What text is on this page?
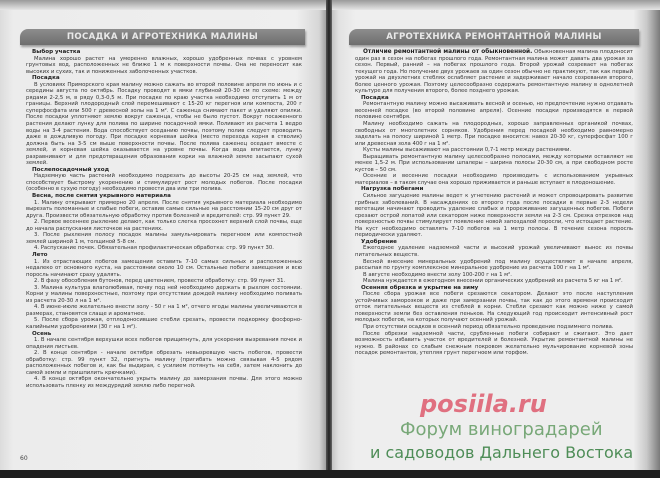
ПОСАДКА И АГРОТЕХНИКА МАЛИНЫ
Выбор участка
Малина хорошо растет на умеренно влажных, хорошо удобренных почвах с уровнем грунтовых вод, расположенных не ближе 1 м к поверхности почвы. Она не переносит как высоких и сухих, так и пониженных заболоченных участков.
Посадка
В условиях Приморского края малину можно сажать во второй половине апреля по июнь и с середины августа по октябрь. Посадку проводят в ямки глубиной 20-30 см по схеме: между рядами 2-2,5 м, в ряду 0,3-0,5 м. При посадке по краю участка необходимо отступить 1 м от границы. Верхний плодородный слой перемешивают с 15-20 кг перегноя или компоста, 200 г суперфосфата или 500 г древесной золы на 1 м². С саженца снимают пакет и удаляют опилки. После посадки уплотняют землю вокруг саженца, чтобы не было пустот. Вокруг посаженного растения делают лунку для полива по ширине посадочной ямки. Поливают из расчета 1 ведро воды на 3-4 растения. Вода способствует оседанию почвы, поэтому полив следует проводить даже в дождливую погоду. При посадке корневая шейка (место перехода корня в стволик) должна быть на 3-5 см выше поверхности почвы. После полива саженец оседает вместе с землей, и корневая шейка оказывается на уровне почвы. Когда вода впитается, лунку разравнивают и для предотвращения образования корки на влажной земле засыпают сухой землей.
Послепосадочный уход
Надземную часть растений необходимо подрезать до высоты 20-25 см над землей, что способствует быстрому укоренению и стимулирует рост молодых побегов. После посадки (особенно в сухую погоду) необходимо провести два или три полива.
Весна, после снятия укрывного материала
1. Малину открывают примерно 20 апреля. После снятия укрывного материала необходимо вырезать поломанные и слабые побеги, оставив самые сильные на расстоянии 15-20 см друг от друга. Произвести обязательную обработку против болезней и вредителей: стр. 99 пункт 29.
2. Первое весеннее рыхление делают, как только слегка просохнет верхний слой почвы, еще до начала распускания листочков на растениях.
3. После рыхления полосу посадок малины замульчировать перегноем или компостной землей шириной 1 м, толщиной 5-8 см.
4. Распускание почек. Обязательная профилактическая обработка: стр. 99 пункт 30.
Лето
1. Из отрастающих побегов замещения оставить 7-10 самых сильных и расположенных недалеко от основного куста, на расстоянии около 10 см. Остальные побеги замещения и всю поросль начинают сразу удалять.
2. В фазу обособления бутонов, перед цветением, провести обработку: стр. 99 пункт 31.
3. Малина культура влаголюбивая, почву под ней необходимо держать в рыхлом состоянии. Корни у малины поверхностные, поэтому при отсутствии дождей малину необходимо поливать из расчета 20-30 л на 1 м².
4. В июне-июле желательно внести золу - 50 г на 1 м², отчего ягоды малины увеличиваются в размерах, становятся слаще и ароматнее.
5. После сбора урожая, отплодоносившие стебли срезать, провести подкормку фосфорно-калийными удобрениями (30 г на 1 м²).
Осень
1. В начале сентября верхушки всех побегов прищипнуть, для ускорения вызревания почек и опадения листьев.
2. В конце сентября - начале октября обрезать невызревшую часть побегов, провести обработку: стр. 99 пункт 32, пригнуть малину (пригибать можно связывая 4-5 рядом расположенных побегов и, как бы выдирая, с усилием потянуть на себя, затем наклонить до самой земли и пришпилить крючками).
4. В конце октября окончательно укрыть малину до замерзания почвы. Для этого можно использовать пленку из междурядий землю либо перегной.
60
АГРОТЕХНИКА РЕМОНТАНТНОЙ МАЛИНЫ
Отличие ремонтантной малины от обыкновенной. Обыкновенная малина плодоносит один раз в сезон на побегах прошлого года. Ремонтантная малина может давать два урожая за сезон. Первый, ранний – на побегах прошлого года. Второй урожай созревает на побегах текущего года. Но получение двух урожаев за один сезон обычно не практикуют, так как первый урожай на двухлетних стеблях ослабляет растение и задерживает начало созревания второго, более ценного урожая. Поэтому целесообразно содержать ремонтантную малину в однолетней культуре для получения второго, более позднего урожая.
Посадка
Ремонтантную малину можно высаживать весной и осенью, но предпочтение нужно отдавать весенней посадке (во второй половине апреля). Осенние посадки производятся в первой половине сентября.
Малину необходимо сажать на плодородных, хорошо заправленных органикой почвах, свободных от многолетних сорняков. Удобрения перед посадкой необходимо равномерно заделать на полосу шириной 1 метр. При посадке вносится: навоз 20-30 кг, суперфосфат 100 г или древесная зола 400 г на 1 м².
Кусты малины высаживают на расстоянии 0,7-1 метр между растениями.
Выращивать ремонтантную малину целесообразно полосами, между которыми оставляют не менее 1,5-2 м. При использовании шпалеры – ширина полосы 20-30 см, а при свободном росте кустов – 50 см.
Осенние и весенние посадки необходимо производить с использованием укрывных материалов – в таком случае она хорошо приживается и раньше вступает в плодоношение.
Нагрузка побегами
Сильное загущение малины ведет к угнетению растений и может спровоцировать развитие грибных заболеваний. В насаждениях со второго года после посадки в первые 2-3 недели вегетации начинают проводить удаление слабых и прореживание загущенных побегов. Побеги срезают острой лопатой или секатором ниже поверхности земли на 2-3 см. Срезка отрезков над поверхностью почвы стимулирует появление новой запоздалой поросли, что истощает растение. На куст необходимо оставлять 7-10 побегов на 1 метр полосы. В течение сезона поросль периодически удаляют.
Удобрение
Ежегодное удаление надземной части и высокий урожай увеличивают вынос из почвы питательных веществ.
Весной внесение минеральных удобрений под малину осуществляют в начале апреля, рассыпая по грунту комплексное минеральное удобрение из расчета 100 г на 1 м².
В августе необходимо внести золу 100-200 г на 1 м².
Малина нуждается в ежегодном внесении органических удобрений из расчета 5 кг на 1 м².
Осенняя обрезка и укрытие на зиму
После сбора урожая все побеги срезаются секатором. Делают это после наступления устойчивых заморозков и даже при замерзании почвы, так как до этого времени происходит отток питательных веществ из стеблей в корни. Стебли срезают как можно ниже у самой поверхности земли без оставления пеньков. На следующий год происходит интенсивный рост молодых побегов, на которых получают осенний урожай.
При отсутствии осадков в осенний период обязательно проведение подзимнего полива.
После обрезки надземной части, срубленные побеги собирают и сжигают. Это дает возможность избавить участок от вредителей и болезней. Укрытие ремонтантной малины не нужно. В районах со слабым снежным покровом желательно мульчирование корневой зоны посадок ремонтантов, утепляя грунт перегноем или торфом.
posiila.ru
Форум виноградарей
и садоводов Дальнего Востока
